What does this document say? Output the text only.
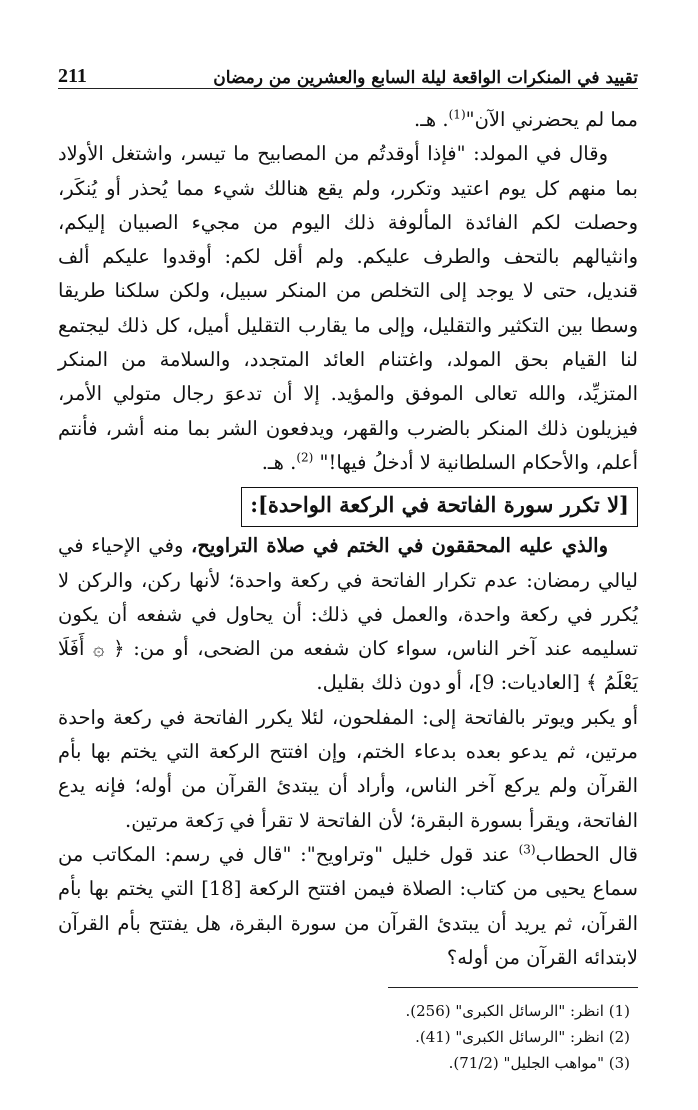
تقييد في المنكرات الواقعة ليلة السابع والعشرين من رمضان
211

مما لم يحضرني الآن"$^{(1)}$. هـ.

وقال في المولد: "فإذا أوقدتُم من المصابيح ما تيسر، واشتغل الأولاد بما منهم كل يوم اعتيد وتكرر، ولم يقع هنالك شيء مما يُحذر أو يُنكَر، وحصلت لكم الفائدة المألوفة ذلك اليوم من مجيء الصبيان إليكم، وانثيالهم بالتحف والطرف عليكم. ولم أقل لكم: أوقدوا عليكم ألف قنديل، حتى لا يوجد إلى التخلص من المنكر سبيل، ولكن سلكنا طريقا وسطا بين التكثير والتقليل، وإلى ما يقارب التقليل أميل، كل ذلك ليجتمع لنا القيام بحق المولد، واغتنام العائد المتجدد، والسلامة من المنكر المتزيِّد، والله تعالى الموفق والمؤيد. إلا أن تدعوَ رجال متولي الأمر، فيزيلون ذلك المنكر بالضرب والقهر، ويدفعون الشر بما منه أشر، فأنتم أعلم، والأحكام السلطانية لا أدخلُ فيها!" $^{(2)}$. هـ.

[لا تكرر سورة الفاتحة في الركعة الواحدة]:

والذي عليه المحققون في الختم في صلاة التراويح، وفي الإحياء في ليالي رمضان: عدم تكرار الفاتحة في ركعة واحدة؛ لأنها ركن، والركن لا يُكرر في ركعة واحدة، والعمل في ذلك: أن يحاول في شفعه أن يكون تسليمه عند آخر الناس، سواء كان شفعه من الضحى، أو من: ﴿ ۞ أَفَلَا يَعْلَمُ ﴾ [العاديات: 9]، أو دون ذلك بقليل.

أو يكبر ويوتر بالفاتحة إلى: المفلحون، لئلا يكرر الفاتحة في ركعة واحدة مرتين، ثم يدعو بعده بدعاء الختم، وإن افتتح الركعة التي يختم بها بأم القرآن ولم يركع آخر الناس، وأراد أن يبتدئ القرآن من أوله؛ فإنه يدع الفاتحة، ويقرأ بسورة البقرة؛ لأن الفاتحة لا تقرأ في رَكعة مرتين.

قال الحطاب$^{(3)}$ عند قول خليل "وتراويح": "قال في رسم: المكاتب من سماع يحيى من كتاب: الصلاة فيمن افتتح الركعة [18] التي يختم بها بأم القرآن، ثم يريد أن يبتدئ القرآن من سورة البقرة، هل يفتتح بأم القرآن لابتدائه القرآن من أوله؟

(1) انظر: "الرسائل الكبرى" (256).
(2) انظر: "الرسائل الكبرى" (41).
(3) "مواهب الجليل" (71/2).
